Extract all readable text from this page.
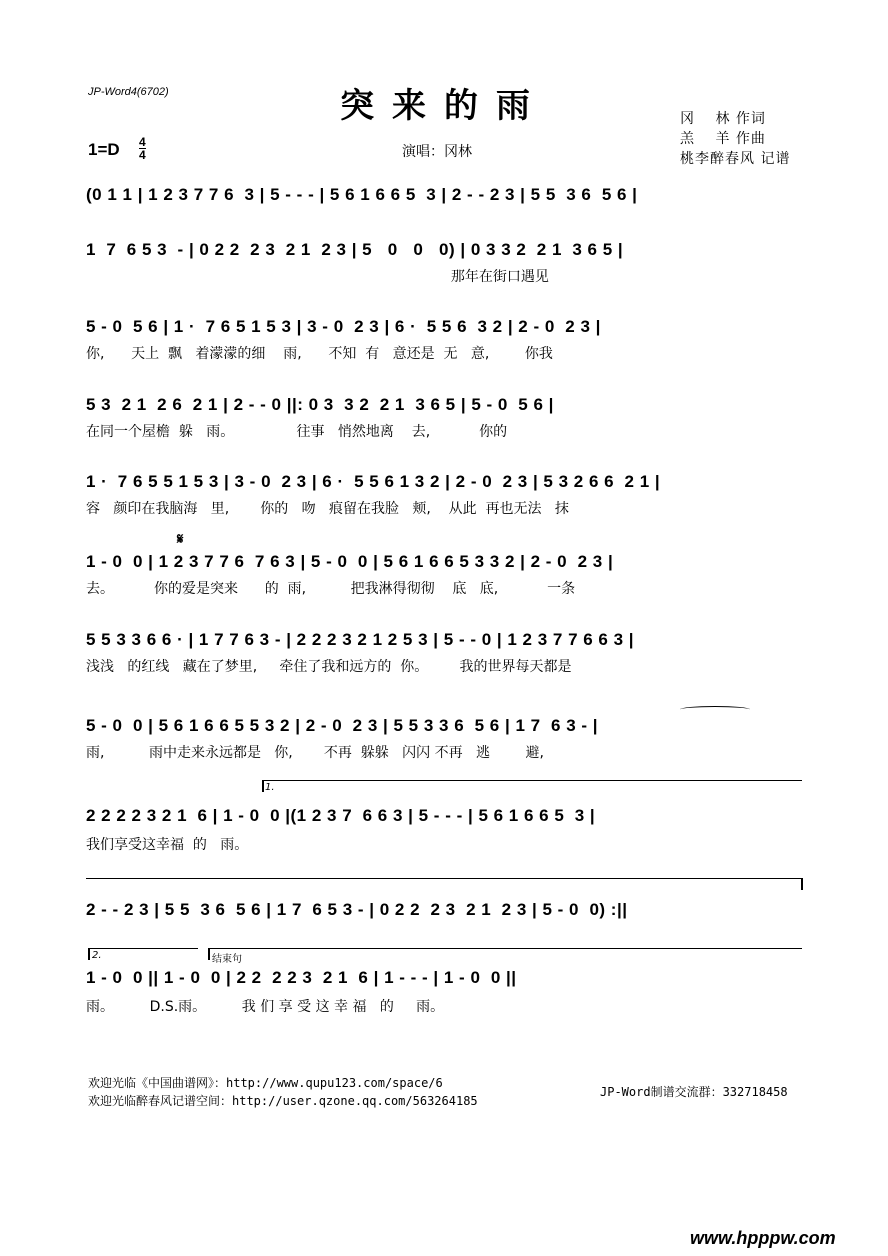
JP-Word4(6702)	突来的雨	冈　 林 作词
羔　 羊 作曲
桃李醉春风 记谱
1=D 4
4	演唱：冈林
(0 1 1 | 1 2 3 7 7 6  3 | 5 - - - | 5 6 1 6 6 5  3 | 2 - - 2 3 | 5 5  3 6  5 6 |
1  7  6 5 3  - | 0 2 2  2 3  2 1  2 3 | 5   0   0   0) | 0 3 3 2  2 1  3 6 5 |
那年在街口遇见
5 - 0  5 6 | 1 ·  7 6 5 1 5 3 | 3 - 0  2 3 | 6 ·  5 5 6  3 2 | 2 - 0  2 3 |
你,      天上  飘   着濛濛的细    雨,      不知  有   意还是  无   意,        你我
5 3  2 1  2 6  2 1 | 2 - - 0 ||: 0 3  3 2  2 1  3 6 5 | 5 - 0  5 6 |
在同一个屋檐  躲   雨。              往事   悄然地离    去,           你的
1 ·  7 6 5 5 1 5 3 | 3 - 0  2 3 | 6 ·  5 5 6 1 3 2 | 2 - 0  2 3 | 5 3 2 6 6  2 1 |
容   颜印在我脑海   里,       你的   吻   痕留在我脸   颊,    从此  再也无法   抹
𝄋
1 - 0  0 | 1 2 3 7 7 6  7 6 3 | 5 - 0  0 | 5 6 1 6 6 5 3 3 2 | 2 - 0  2 3 |
去。         你的爱是突来      的  雨,          把我淋得彻彻    底   底,           一条
5 5 3 3 6 6 · | 1 7 7 6 3 - | 2 2 2 3 2 1 2 5 3 | 5 - - 0 | 1 2 3 7 7 6 6 3 |
浅浅   的红线   藏在了梦里,     牵住了我和远方的  你。       我的世界每天都是
5 - 0  0 | 5 6 1 6 6 5 5 3 2 | 2 - 0  2 3 | 5 5 3 3 6  5 6 | 1 7  6 3 - |
雨,          雨中走来永远都是   你,       不再  躲躲   闪闪 不再   逃        避,
1.
2 2 2 2 3 2 1  6 | 1 - 0  0 |(1 2 3 7  6 6 3 | 5 - - - | 5 6 1 6 6 5  3 |
我们享受这幸福  的   雨。
2 - - 2 3 | 5 5  3 6  5 6 | 1 7  6 5 3 - | 0 2 2  2 3  2 1  2 3 | 5 - 0  0) :||
2.	结束句
1 - 0  0 || 1 - 0  0 | 2 2  2 2 3  2 1  6 | 1 - - - | 1 - 0  0 ||
雨。        D.S.雨。        我 们 享 受 这 幸 福   的     雨。
欢迎光临《中国曲谱网》：http://www.qupu123.com/space/6
欢迎光临醉春风记谱空间：http://user.qzone.qq.com/563264185
JP-Word制谱交流群：332718458
www.hpppw.com
